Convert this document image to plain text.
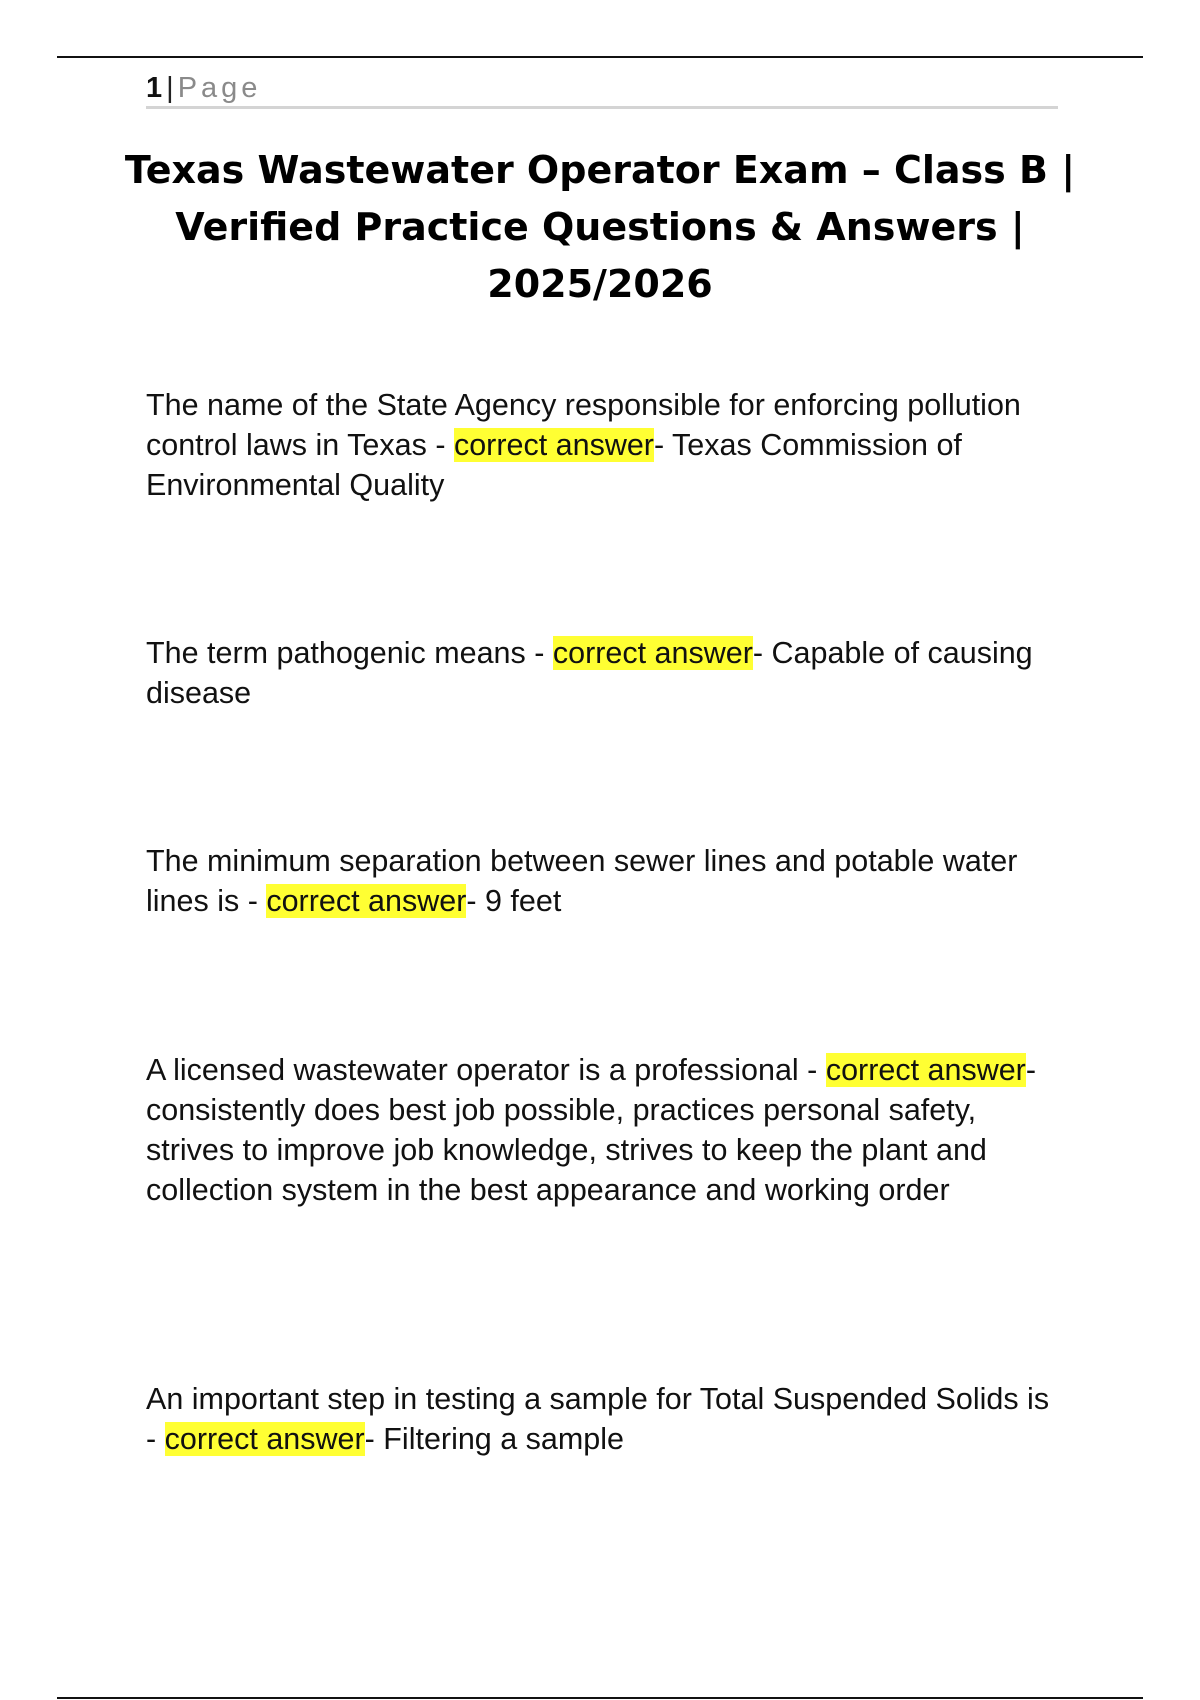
1 | Page
Texas Wastewater Operator Exam – Class B | Verified Practice Questions & Answers | 2025/2026

The name of the State Agency responsible for enforcing pollution control laws in Texas - correct answer- Texas Commission of Environmental Quality

The term pathogenic means - correct answer- Capable of causing disease

The minimum separation between sewer lines and potable water lines is - correct answer- 9 feet

A licensed wastewater operator is a professional - correct answer- consistently does best job possible, practices personal safety, strives to improve job knowledge, strives to keep the plant and collection system in the best appearance and working order

An important step in testing a sample for Total Suspended Solids is - correct answer- Filtering a sample
